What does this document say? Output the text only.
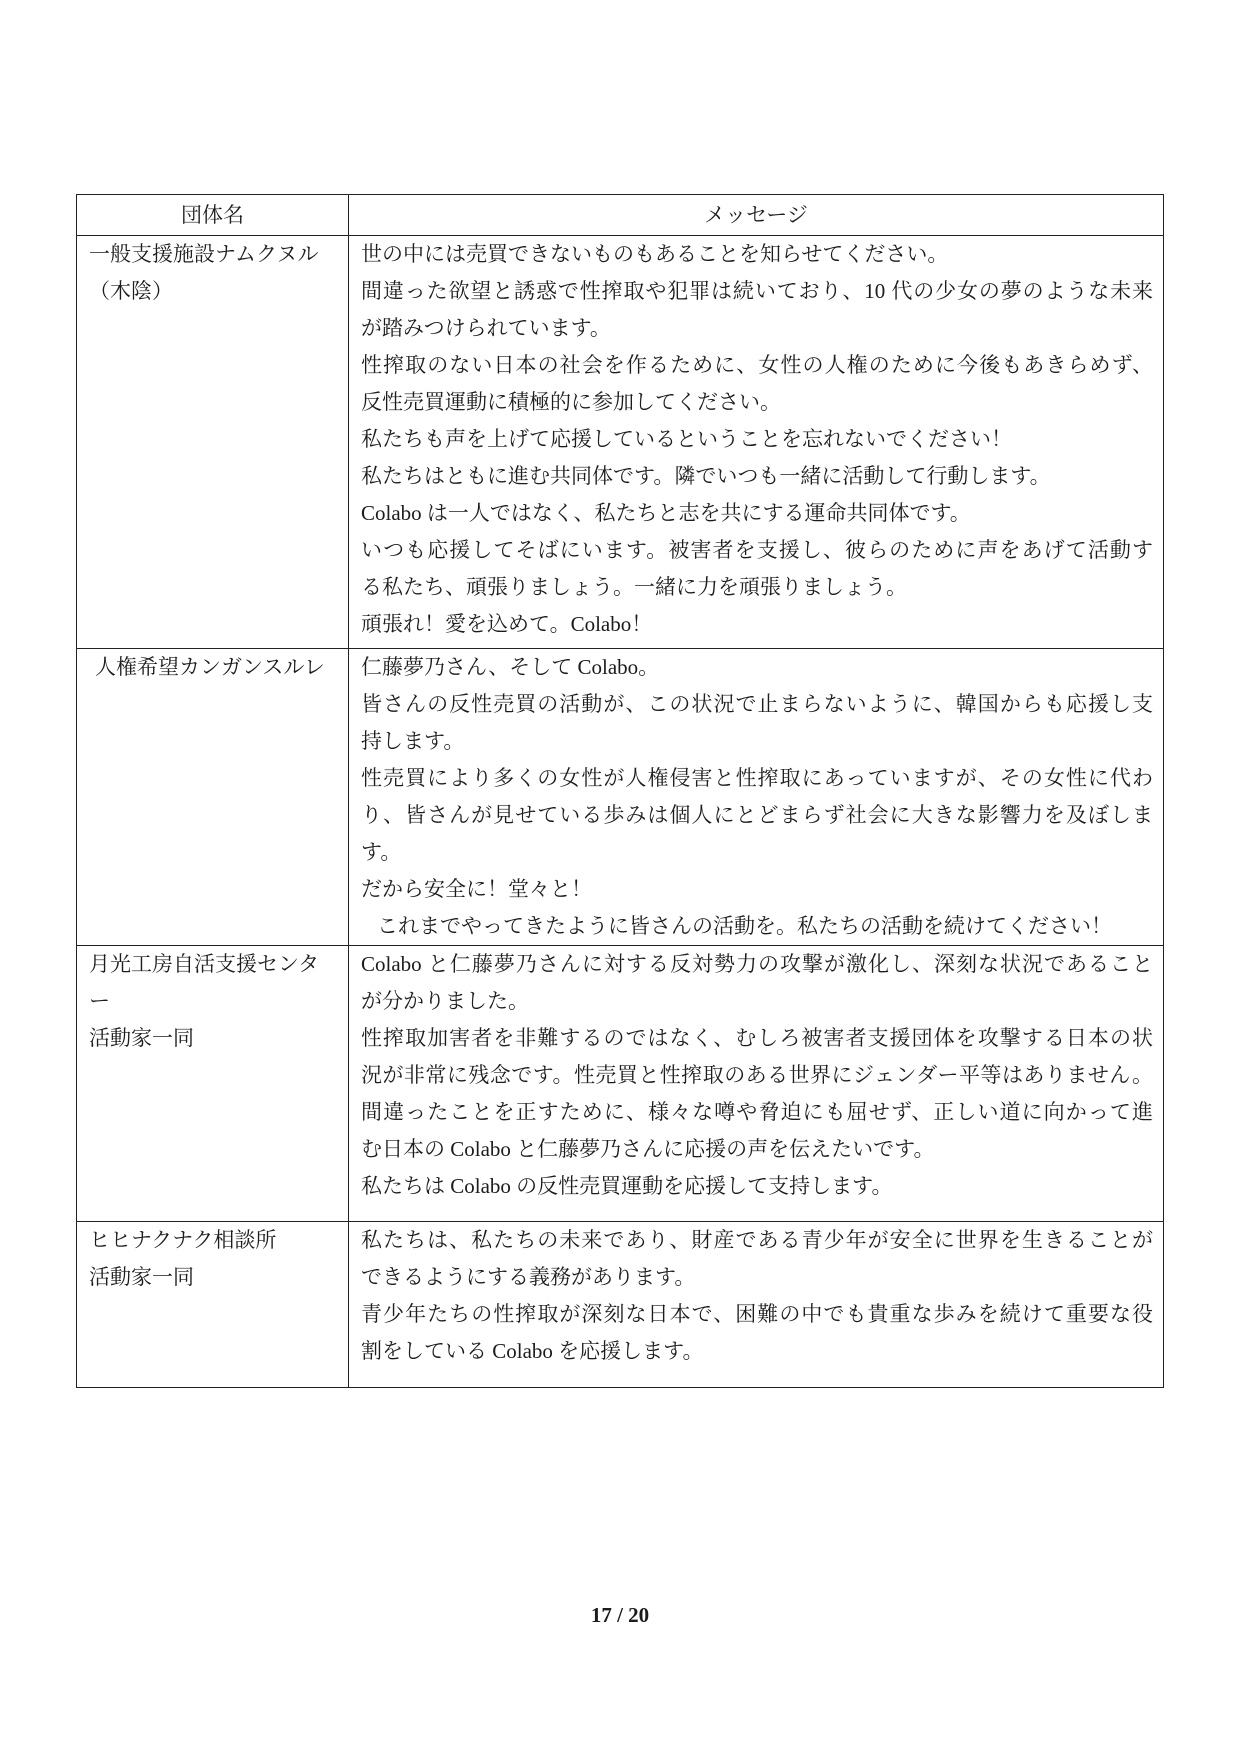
団体名	メッセージ
一般支援施設ナムクヌル
（木陰）
世の中には売買できないものもあることを知らせてください。
間違った欲望と誘惑で性搾取や犯罪は続いており、10 代の少女の夢のような未来
が踏みつけられています。
性搾取のない日本の社会を作るために、女性の人権のために今後もあきらめず、
反性売買運動に積極的に参加してください。
私たちも声を上げて応援しているということを忘れないでください！
私たちはともに進む共同体です。隣でいつも一緒に活動して行動します。
Colabo は一人ではなく、私たちと志を共にする運命共同体です。
いつも応援してそばにいます。被害者を支援し、彼らのために声をあげて活動す
る私たち、頑張りましょう。一緒に力を頑張りましょう。
頑張れ！愛を込めて。Colabo！
人権希望カンガンスルレ	仁藤夢乃さん、そして Colabo。
皆さんの反性売買の活動が、この状況で止まらないように、韓国からも応援し支
持します。
性売買により多くの女性が人権侵害と性搾取にあっていますが、その女性に代わ
り、皆さんが見せている歩みは個人にとどまらず社会に大きな影響力を及ぼしま
す。
だから安全に！堂々と！
これまでやってきたように皆さんの活動を。私たちの活動を続けてください！
月光工房自活支援センタ
ー
活動家一同
Colabo と仁藤夢乃さんに対する反対勢力の攻撃が激化し、深刻な状況であること
が分かりました。
性搾取加害者を非難するのではなく、むしろ被害者支援団体を攻撃する日本の状
況が非常に残念です。性売買と性搾取のある世界にジェンダー平等はありません。
間違ったことを正すために、様々な噂や脅迫にも屈せず、正しい道に向かって進
む日本の Colabo と仁藤夢乃さんに応援の声を伝えたいです。
私たちは Colabo の反性売買運動を応援して支持します。
ヒヒナクナク相談所
活動家一同
私たちは、私たちの未来であり、財産である青少年が安全に世界を生きることが
できるようにする義務があります。
青少年たちの性搾取が深刻な日本で、困難の中でも貴重な歩みを続けて重要な役
割をしている Colabo を応援します。
17 / 20
